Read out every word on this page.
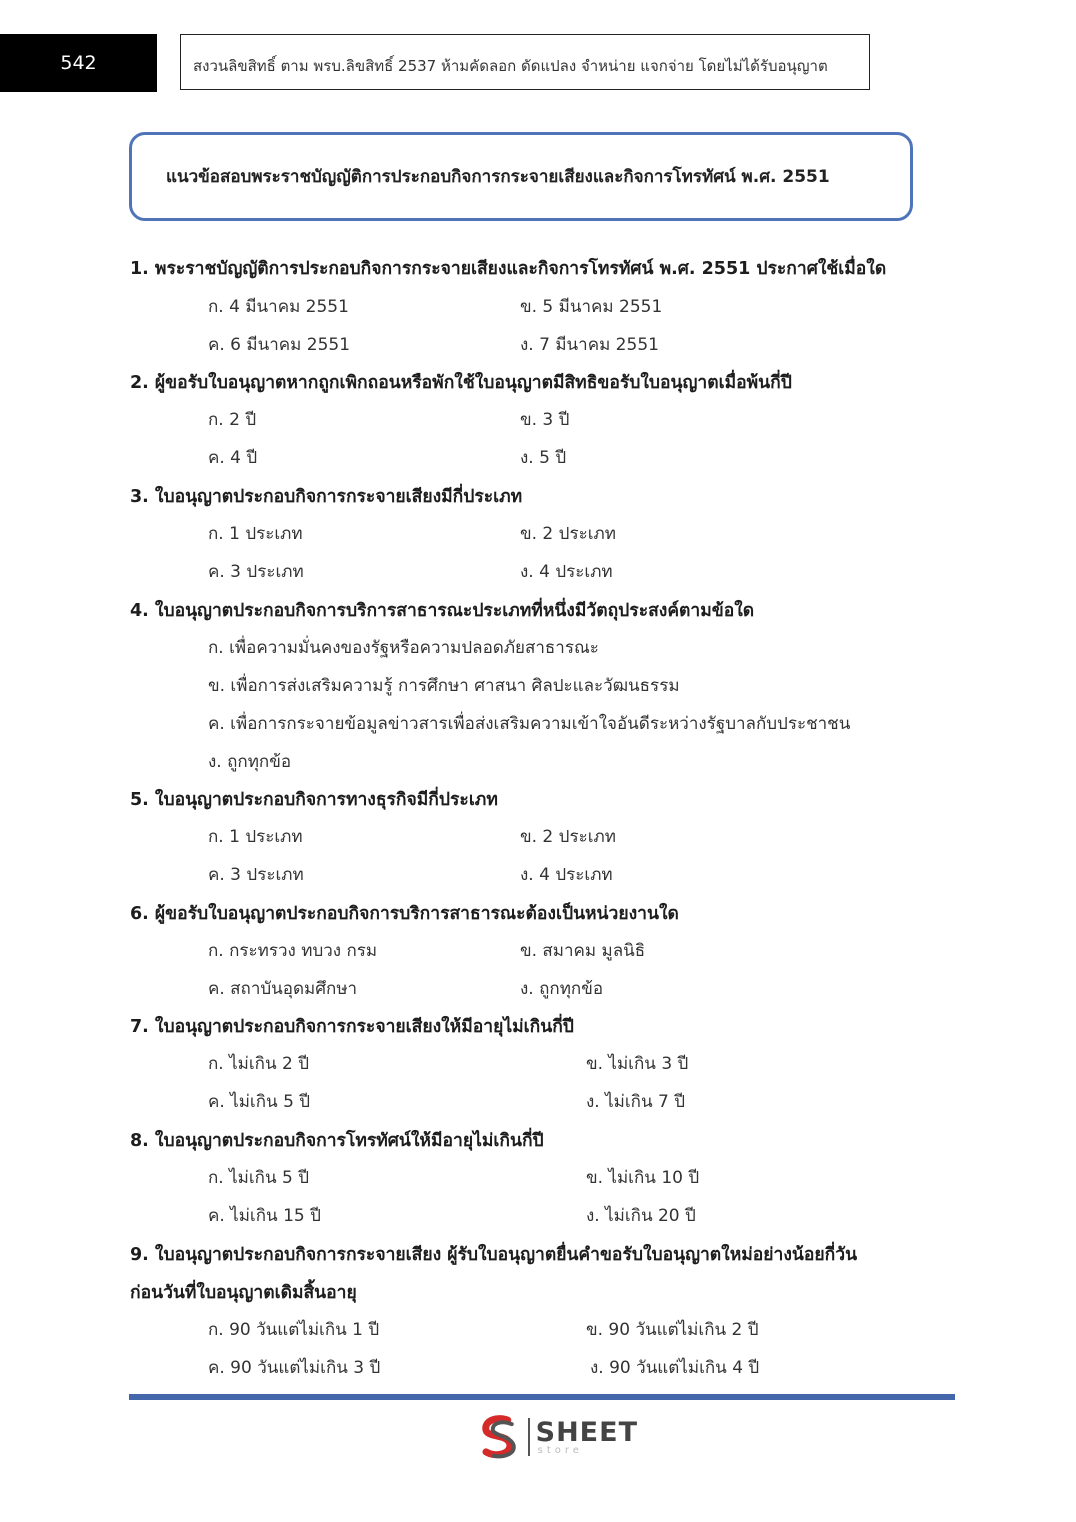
542	สงวนลิขสิทธิ์ ตาม พรบ.ลิขสิทธิ์ 2537 ห้ามคัดลอก ดัดแปลง จำหน่าย แจกจ่าย โดยไม่ได้รับอนุญาต
แนวข้อสอบพระราชบัญญัติการประกอบกิจการกระจายเสียงและกิจการโทรทัศน์ พ.ศ. 2551
1. พระราชบัญญัติการประกอบกิจการกระจายเสียงและกิจการโทรทัศน์ พ.ศ. 2551 ประกาศใช้เมื่อใด
ก. 4 มีนาคม 2551	ข. 5 มีนาคม 2551
ค. 6 มีนาคม 2551	ง. 7 มีนาคม 2551
2. ผู้ขอรับใบอนุญาตหากถูกเพิกถอนหรือพักใช้ใบอนุญาตมีสิทธิขอรับใบอนุญาตเมื่อพ้นกี่ปี
ก. 2 ปี	ข. 3 ปี
ค. 4 ปี	ง. 5 ปี
3. ใบอนุญาตประกอบกิจการกระจายเสียงมีกี่ประเภท
ก. 1 ประเภท	ข. 2 ประเภท
ค. 3 ประเภท	ง. 4 ประเภท
4. ใบอนุญาตประกอบกิจการบริการสาธารณะประเภทที่หนึ่งมีวัตถุประสงค์ตามข้อใด
ก. เพื่อความมั่นคงของรัฐหรือความปลอดภัยสาธารณะ
ข. เพื่อการส่งเสริมความรู้ การศึกษา ศาสนา ศิลปะและวัฒนธรรม
ค. เพื่อการกระจายข้อมูลข่าวสารเพื่อส่งเสริมความเข้าใจอันดีระหว่างรัฐบาลกับประชาชน
ง. ถูกทุกข้อ
5. ใบอนุญาตประกอบกิจการทางธุรกิจมีกี่ประเภท
ก. 1 ประเภท	ข. 2 ประเภท
ค. 3 ประเภท	ง. 4 ประเภท
6. ผู้ขอรับใบอนุญาตประกอบกิจการบริการสาธารณะต้องเป็นหน่วยงานใด
ก. กระทรวง ทบวง กรม	ข. สมาคม มูลนิธิ
ค. สถาบันอุดมศึกษา	ง. ถูกทุกข้อ
7. ใบอนุญาตประกอบกิจการกระจายเสียงให้มีอายุไม่เกินกี่ปี
ก. ไม่เกิน 2 ปี	ข. ไม่เกิน 3 ปี
ค. ไม่เกิน 5 ปี	ง. ไม่เกิน 7 ปี
8. ใบอนุญาตประกอบกิจการโทรทัศน์ให้มีอายุไม่เกินกี่ปี
ก. ไม่เกิน 5 ปี	ข. ไม่เกิน 10 ปี
ค. ไม่เกิน 15 ปี	ง. ไม่เกิน 20 ปี
9. ใบอนุญาตประกอบกิจการกระจายเสียง ผู้รับใบอนุญาตยื่นคำขอรับใบอนุญาตใหม่อย่างน้อยกี่วัน
ก่อนวันที่ใบอนุญาตเดิมสิ้นอายุ
ก. 90 วันแต่ไม่เกิน 1 ปี	ข. 90 วันแต่ไม่เกิน 2 ปี
ค. 90 วันแต่ไม่เกิน 3 ปี	ง. 90 วันแต่ไม่เกิน 4 ปี
SHEET
store
